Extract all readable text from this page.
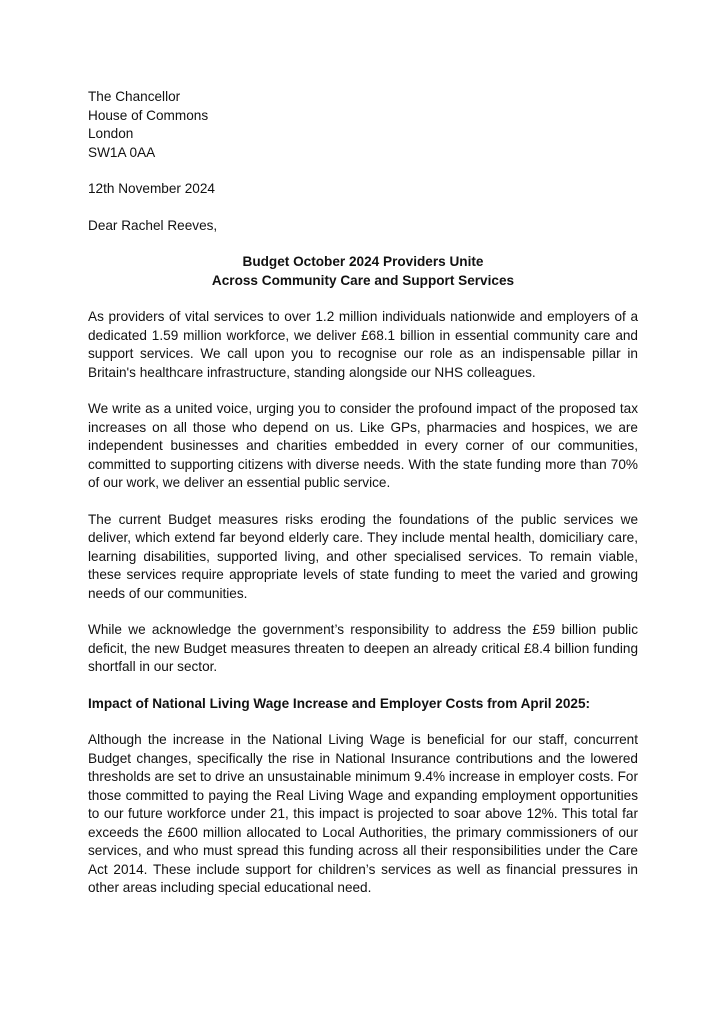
The Chancellor
House of Commons
London
SW1A 0AA
12th November 2024
Dear Rachel Reeves,
Budget October 2024 Providers Unite
Across Community Care and Support Services

As providers of vital services to over 1.2 million individuals nationwide and employers of a dedicated 1.59 million workforce, we deliver £68.1 billion in essential community care and support services. We call upon you to recognise our role as an indispensable pillar in Britain's healthcare infrastructure, standing alongside our NHS colleagues.

We write as a united voice, urging you to consider the profound impact of the proposed tax increases on all those who depend on us. Like GPs, pharmacies and hospices, we are independent businesses and charities embedded in every corner of our communities, committed to supporting citizens with diverse needs. With the state funding more than 70% of our work, we deliver an essential public service.

The current Budget measures risks eroding the foundations of the public services we deliver, which extend far beyond elderly care. They include mental health, domiciliary care, learning disabilities, supported living, and other specialised services. To remain viable, these services require appropriate levels of state funding to meet the varied and growing needs of our communities.

While we acknowledge the government’s responsibility to address the £59 billion public deficit, the new Budget measures threaten to deepen an already critical £8.4 billion funding shortfall in our sector.

Impact of National Living Wage Increase and Employer Costs from April 2025:

Although the increase in the National Living Wage is beneficial for our staff, concurrent Budget changes, specifically the rise in National Insurance contributions and the lowered thresholds are set to drive an unsustainable minimum 9.4% increase in employer costs. For those committed to paying the Real Living Wage and expanding employment opportunities to our future workforce under 21, this impact is projected to soar above 12%. This total far exceeds the £600 million allocated to Local Authorities, the primary commissioners of our services, and who must spread this funding across all their responsibilities under the Care Act 2014. These include support for children’s services as well as financial pressures in other areas including special educational need.
